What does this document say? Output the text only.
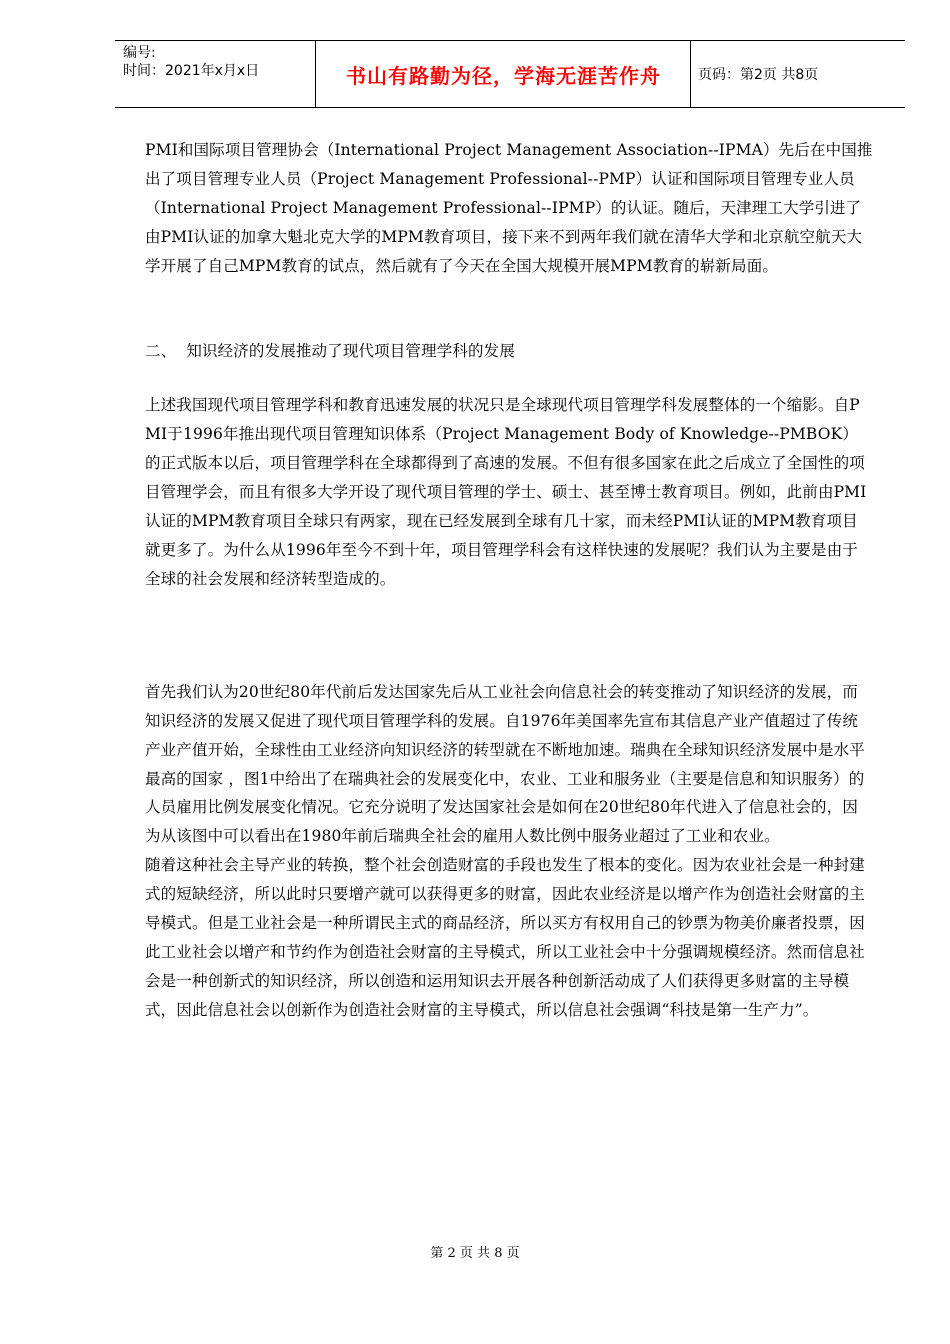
编号:
时间：2021年x月x日	书山有路勤为径，学海无涯苦作舟	页码：第2页 共8页

PMI和国际项目管理协会（International Project Management Association--IPMA）先后在中国推出了项目管理专业人员（Project Management Professional--PMP）认证和国际项目管理专业人员（International Project Management Professional--IPMP）的认证。随后，天津理工大学引进了由PMI认证的加拿大魁北克大学的MPM教育项目，接下来不到两年我们就在清华大学和北京航空航天大学开展了自己MPM教育的试点，然后就有了今天在全国大规模开展MPM教育的崭新局面。

二、 知识经济的发展推动了现代项目管理学科的发展

上述我国现代项目管理学科和教育迅速发展的状况只是全球现代项目管理学科发展整体的一个缩影。自PMI于1996年推出现代项目管理知识体系（Project Management Body of Knowledge--PMBOK） 的正式版本以后，项目管理学科在全球都得到了高速的发展。不但有很多国家在此之后成立了全国性的项目管理学会，而且有很多大学开设了现代项目管理的学士、硕士、甚至博士教育项目。例如，此前由PMI认证的MPM教育项目全球只有两家，现在已经发展到全球有几十家，而未经PMI认证的MPM教育项目就更多了。为什么从1996年至今不到十年，项目管理学科会有这样快速的发展呢？我们认为主要是由于全球的社会发展和经济转型造成的。

首先我们认为20世纪80年代前后发达国家先后从工业社会向信息社会的转变推动了知识经济的发展，而知识经济的发展又促进了现代项目管理学科的发展。自1976年美国率先宣布其信息产业产值超过了传统产业产值开始，全球性由工业经济向知识经济的转型就在不断地加速。瑞典在全球知识经济发展中是水平最高的国家 ，图1中给出了在瑞典社会的发展变化中，农业、工业和服务业（主要是信息和知识服务）的人员雇用比例发展变化情况。它充分说明了发达国家社会是如何在20世纪80年代进入了信息社会的，因为从该图中可以看出在1980年前后瑞典全社会的雇用人数比例中服务业超过了工业和农业。

随着这种社会主导产业的转换，整个社会创造财富的手段也发生了根本的变化。因为农业社会是一种封建式的短缺经济，所以此时只要增产就可以获得更多的财富，因此农业经济是以增产作为创造社会财富的主导模式。但是工业社会是一种所谓民主式的商品经济，所以买方有权用自己的钞票为物美价廉者投票，因此工业社会以增产和节约作为创造社会财富的主导模式，所以工业社会中十分强调规模经济。然而信息社会是一种创新式的知识经济，所以创造和运用知识去开展各种创新活动成了人们获得更多财富的主导模式，因此信息社会以创新作为创造社会财富的主导模式，所以信息社会强调“科技是第一生产力”。

第 2 页 共 8 页
